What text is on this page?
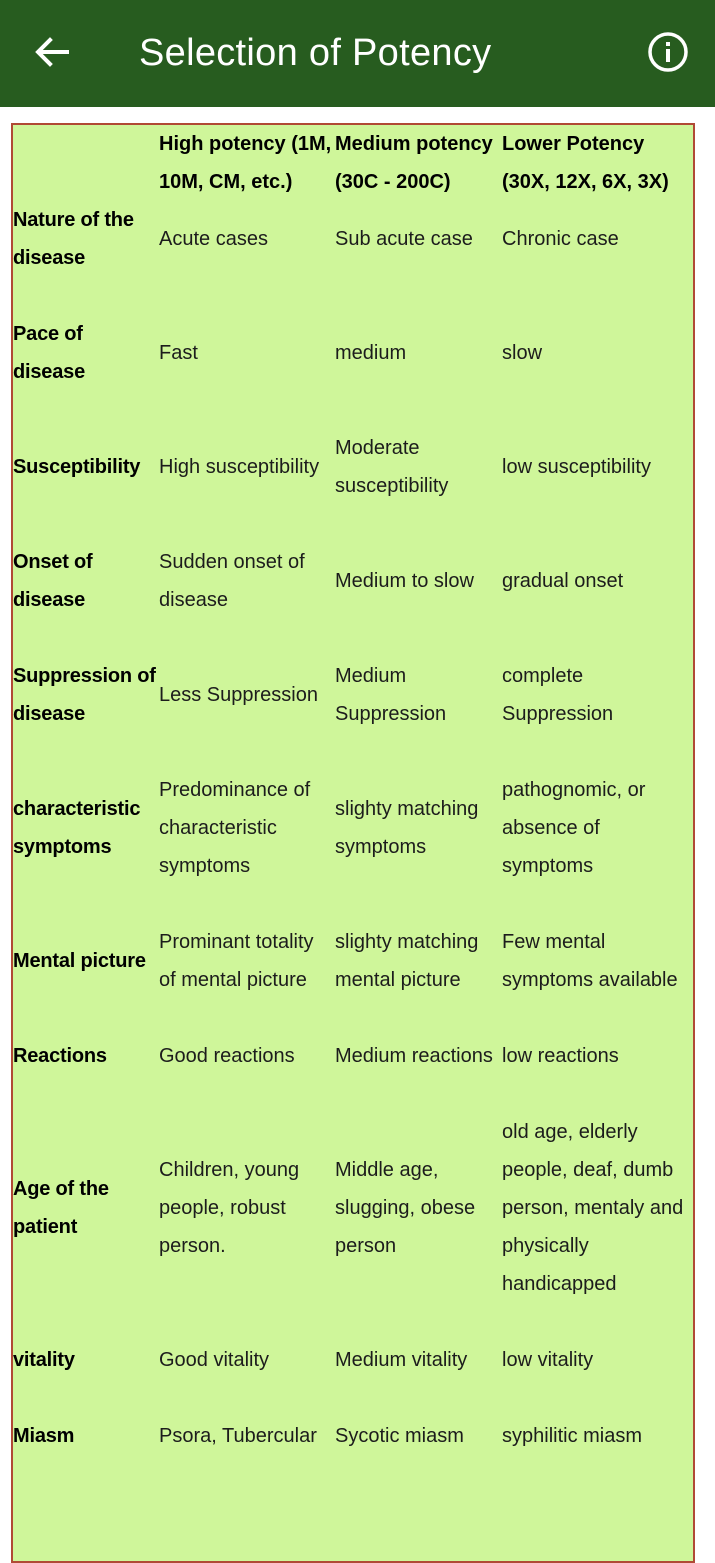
Selection of Potency
	High potency (1M, 10M, CM, etc.)	Medium potency (30C - 200C)	Lower Potency (30X, 12X, 6X, 3X)
Nature of the disease	Acute cases	Sub acute case	Chronic case

Pace of disease	Fast	medium	slow

Susceptibility	High susceptibility	Moderate susceptibility	low susceptibility

Onset of disease	Sudden onset of disease	Medium to slow	gradual onset

Suppression of disease	Less Suppression	Medium Suppression	complete Suppression

characteristic symptoms	Predominance of characteristic symptoms	slighty matching symptoms	pathognomic, or absence of symptoms

Mental picture	Prominant totality of mental picture	slighty matching mental picture	Few mental symptoms available

Reactions	Good reactions	Medium reactions	low reactions

Age of the patient	Children, young people, robust person.	Middle age, slugging, obese person	old age, elderly people, deaf, dumb person, mentaly and physically handicapped

vitality	Good vitality	Medium vitality	low vitality

Miasm	Psora, Tubercular	Sycotic miasm	syphilitic miasm
